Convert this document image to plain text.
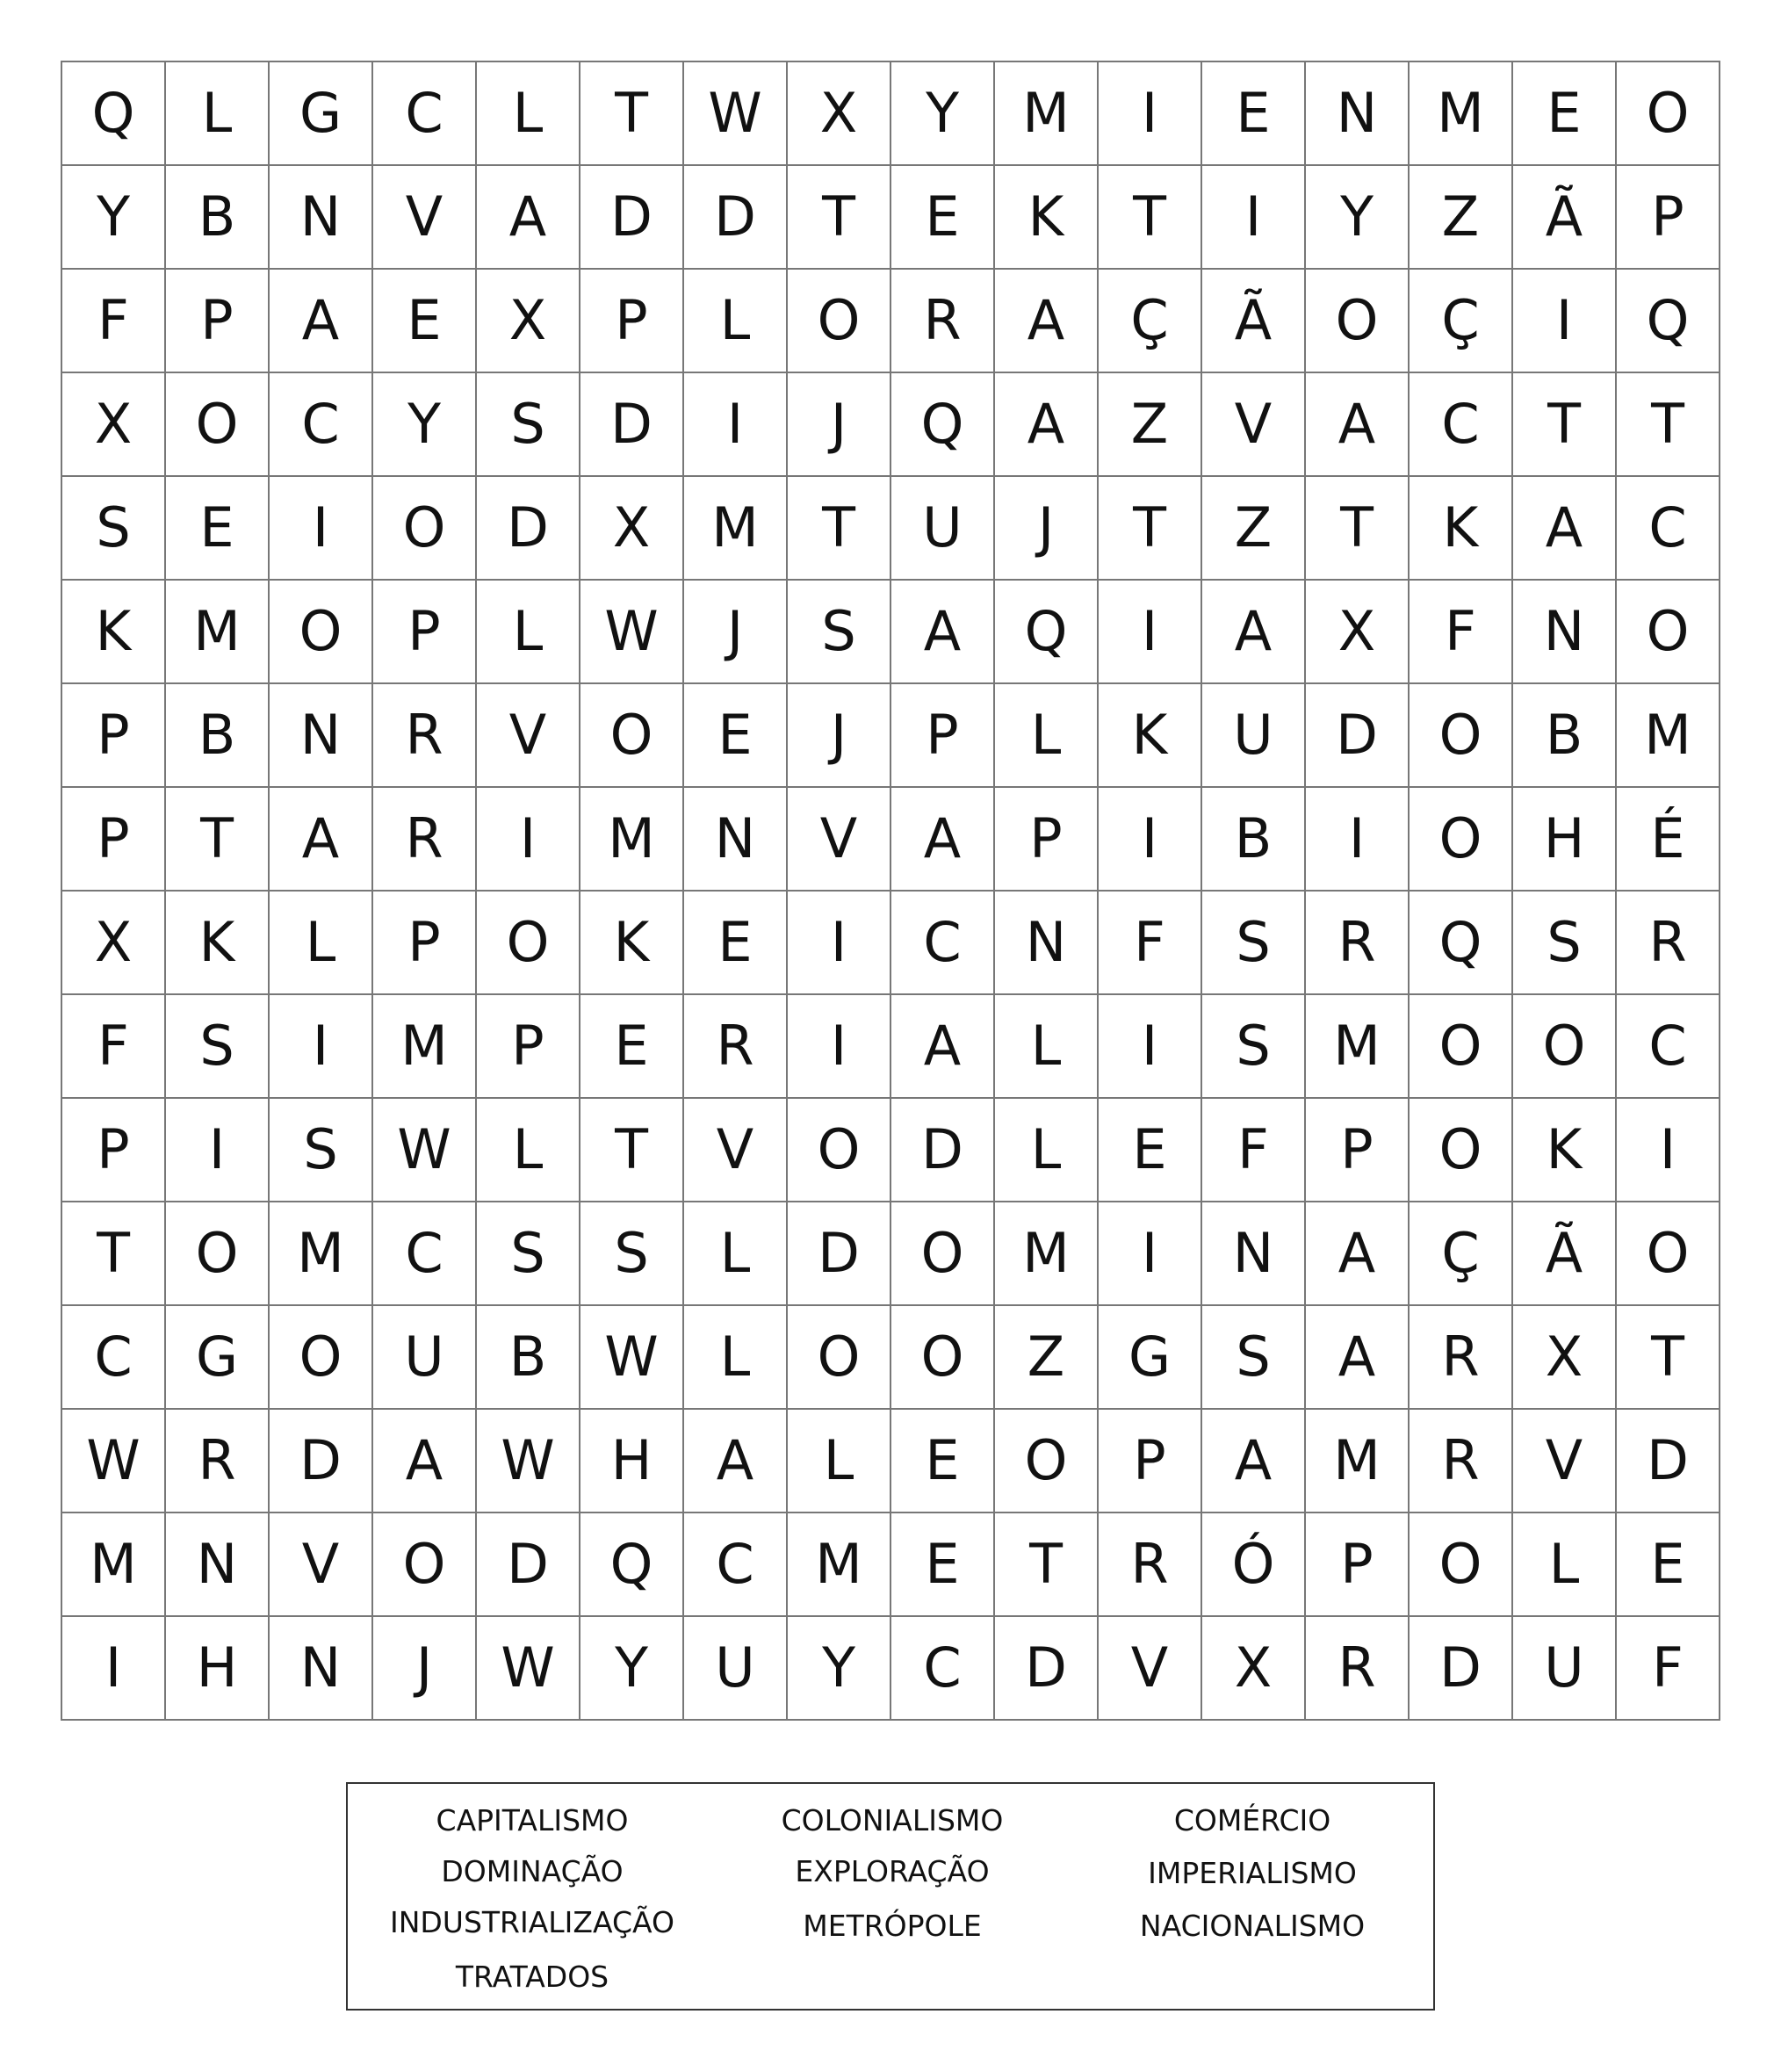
Q	L	G	C	L	T	W	X	Y	M	I	E	N	M	E	O
Y	B	N	V	A	D	D	T	E	K	T	I	Y	Z	Ã	P
F	P	A	E	X	P	L	O	R	A	Ç	Ã	O	Ç	I	Q
X	O	C	Y	S	D	I	J	Q	A	Z	V	A	C	T	T
S	E	I	O	D	X	M	T	U	J	T	Z	T	K	A	C
K	M	O	P	L	W	J	S	A	Q	I	A	X	F	N	O
P	B	N	R	V	O	E	J	P	L	K	U	D	O	B	M
P	T	A	R	I	M	N	V	A	P	I	B	I	O	H	É
X	K	L	P	O	K	E	I	C	N	F	S	R	Q	S	R
F	S	I	M	P	E	R	I	A	L	I	S	M	O	O	C
P	I	S	W	L	T	V	O	D	L	E	F	P	O	K	I
T	O	M	C	S	S	L	D	O	M	I	N	A	Ç	Ã	O
C	G	O	U	B	W	L	O	O	Z	G	S	A	R	X	T
W	R	D	A	W	H	A	L	E	O	P	A	M	R	V	D
M	N	V	O	D	Q	C	M	E	T	R	Ó	P	O	L	E
I	H	N	J	W	Y	U	Y	C	D	V	X	R	D	U	F
CAPITALISMO
DOMINAÇÃO
INDUSTRIALIZAÇÃO
TRATADOS
COLONIALISMO
EXPLORAÇÃO
METRÓPOLE
COMÉRCIO
IMPERIALISMO
NACIONALISMO
